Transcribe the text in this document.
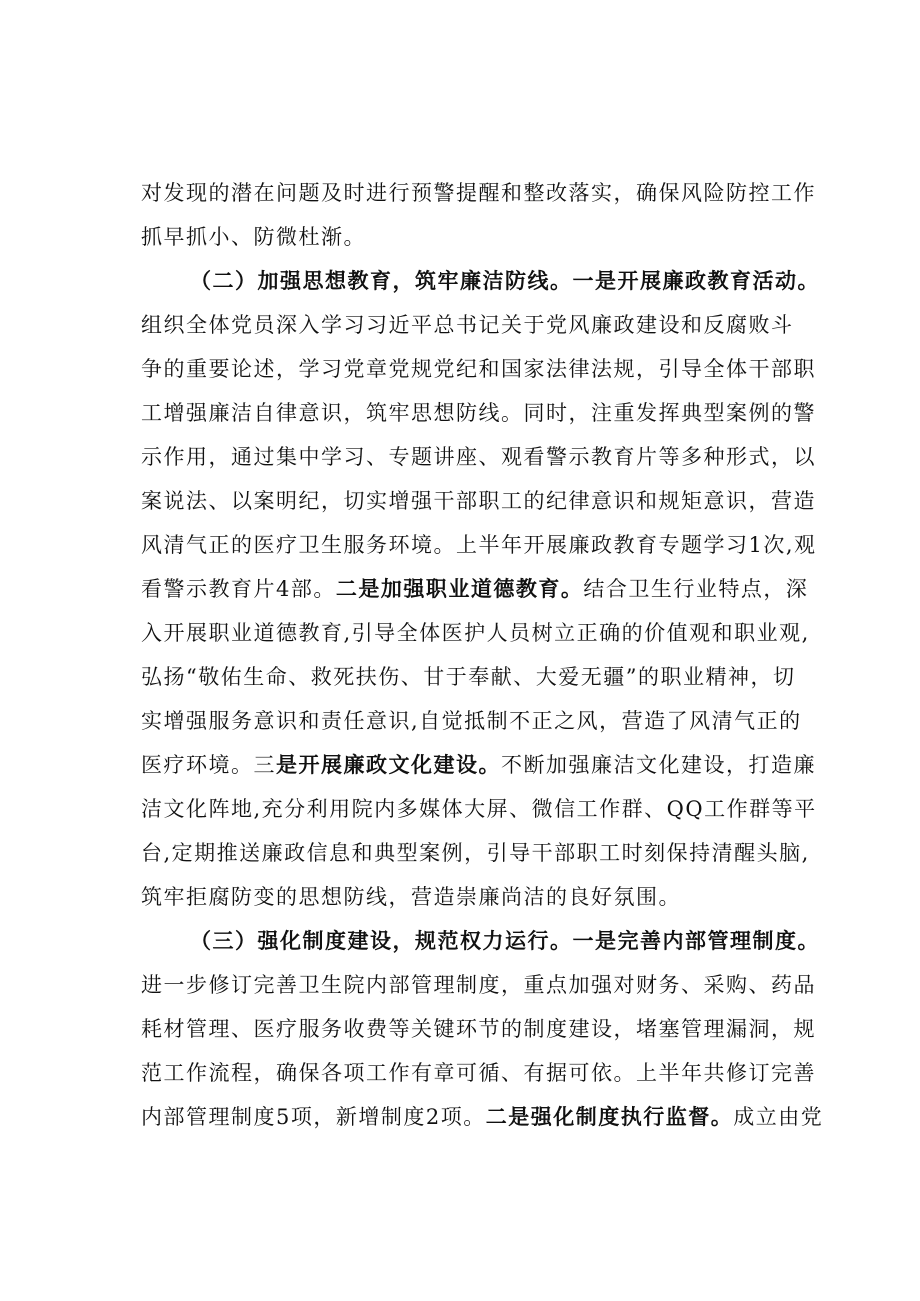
对发现的潜在问题及时进行预警提醒和整改落实，确保风险防控工作
抓早抓小、防微杜渐。
（二）加强思想教育，筑牢廉洁防线。一是开展廉政教育活动。
组织全体党员深入学习习近平总书记关于党风廉政建设和反腐败斗
争的重要论述，学习党章党规党纪和国家法律法规，引导全体干部职
工增强廉洁自律意识，筑牢思想防线。同时，注重发挥典型案例的警
示作用，通过集中学习、专题讲座、观看警示教育片等多种形式，以
案说法、以案明纪，切实增强干部职工的纪律意识和规矩意识，营造
风清气正的医疗卫生服务环境。上半年开展廉政教育专题学习1次,观
看警示教育片4部。二是加强职业道德教育。结合卫生行业特点，深
入开展职业道德教育,引导全体医护人员树立正确的价值观和职业观,
弘扬“敬佑生命、救死扶伤、甘于奉献、大爱无疆”的职业精神，切
实增强服务意识和责任意识,自觉抵制不正之风，营造了风清气正的
医疗环境。三是开展廉政文化建设。不断加强廉洁文化建设，打造廉
洁文化阵地,充分利用院内多媒体大屏、微信工作群、QQ工作群等平
台,定期推送廉政信息和典型案例，引导干部职工时刻保持清醒头脑,
筑牢拒腐防变的思想防线，营造崇廉尚洁的良好氛围。
（三）强化制度建设，规范权力运行。一是完善内部管理制度。
进一步修订完善卫生院内部管理制度，重点加强对财务、采购、药品
耗材管理、医疗服务收费等关键环节的制度建设，堵塞管理漏洞，规
范工作流程，确保各项工作有章可循、有据可依。上半年共修订完善
内部管理制度5项，新增制度2项。二是强化制度执行监督。成立由党
